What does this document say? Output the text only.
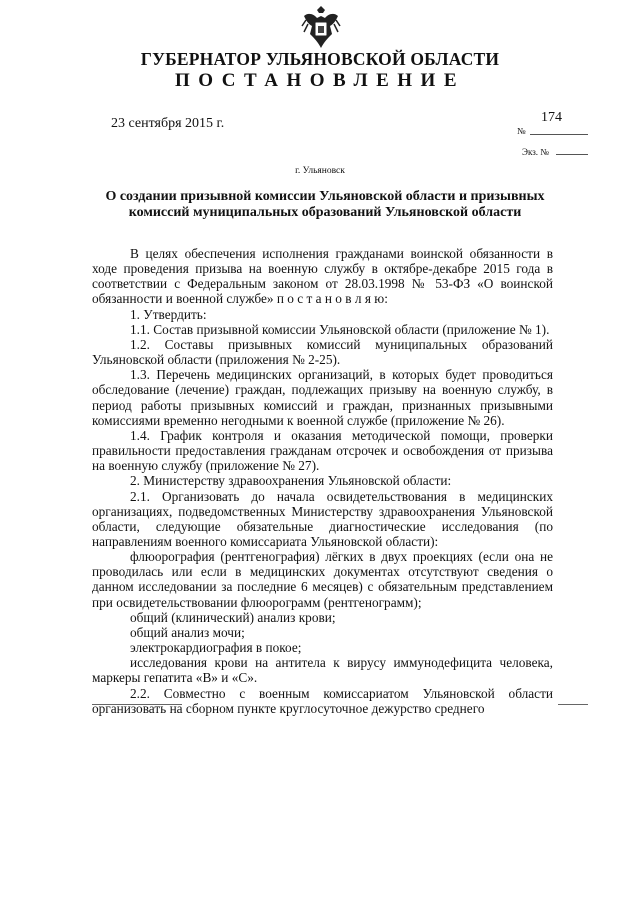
ГУБЕРНАТОР УЛЬЯНОВСКОЙ ОБЛАСТИ
ПОСТАНОВЛЕНИЕ
23 сентября 2015 г.	174
№
Экз. №
г. Ульяновск
О создании призывной комиссии Ульяновской области и призывных комиссий муниципальных образований Ульяновской области

В целях обеспечения исполнения гражданами воинской обязанности в ходе проведения призыва на военную службу в октябре-декабре 2015 года в соответствии с Федеральным законом от 28.03.1998 № 53-ФЗ «О воинской обязанности и военной службе» п о с т а н о в л я ю:

1. Утвердить:

1.1. Состав призывной комиссии Ульяновской области (приложение № 1).

1.2. Составы призывных комиссий муниципальных образований Ульяновской области (приложения № 2-25).

1.3. Перечень медицинских организаций, в которых будет проводиться обследование (лечение) граждан, подлежащих призыву на военную службу, в период работы призывных комиссий и граждан, признанных призывными комиссиями временно негодными к военной службе (приложение № 26).

1.4. График контроля и оказания методической помощи, проверки правильности предоставления гражданам отсрочек и освобождения от призыва на военную службу (приложение № 27).

2. Министерству здравоохранения Ульяновской области:

2.1. Организовать до начала освидетельствования в медицинских организациях, подведомственных Министерству здравоохранения Ульяновской области, следующие обязательные диагностические исследования (по направлениям военного комиссариата Ульяновской области):

флюорография (рентгенография) лёгких в двух проекциях (если она не проводилась или если в медицинских документах отсутствуют сведения о данном исследовании за последние 6 месяцев) с обязательным представлением при освидетельствовании флюорограмм (рентгенограмм);

общий (клинический) анализ крови;

общий анализ мочи;

электрокардиография в покое;

исследования крови на антитела к вирусу иммунодефицита человека, маркеры гепатита «В» и «С».

2.2. Совместно с военным комиссариатом Ульяновской области организовать на сборном пункте круглосуточное дежурство среднего
